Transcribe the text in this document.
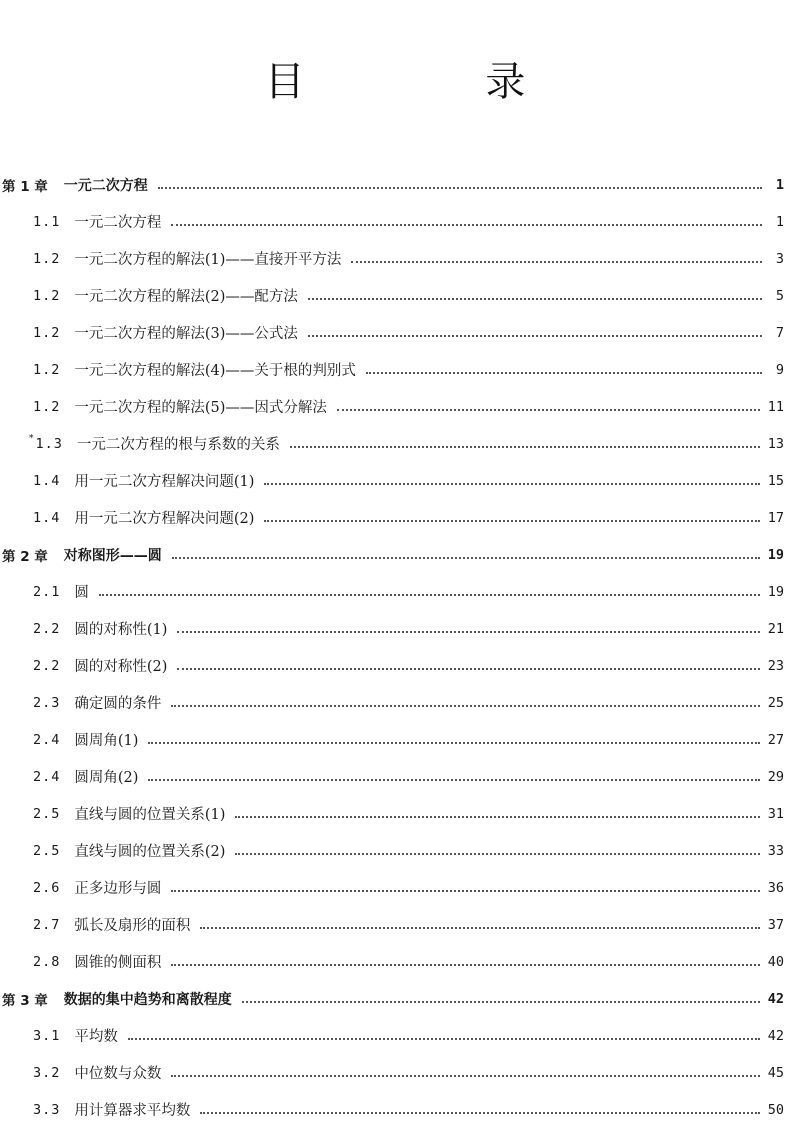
目 录
第 1 章 一元二次方程	1
1.1 一元二次方程	1
1.2 一元二次方程的解法(1)——直接开平方法	3
1.2 一元二次方程的解法(2)——配方法	5
1.2 一元二次方程的解法(3)——公式法	7
1.2 一元二次方程的解法(4)——关于根的判别式	9
1.2 一元二次方程的解法(5)——因式分解法	11
* 1.3 一元二次方程的根与系数的关系	13
1.4 用一元二次方程解决问题(1)	15
1.4 用一元二次方程解决问题(2)	17
第 2 章 对称图形——圆	19
2.1 圆	19
2.2 圆的对称性(1)	21
2.2 圆的对称性(2)	23
2.3 确定圆的条件	25
2.4 圆周角(1)	27
2.4 圆周角(2)	29
2.5 直线与圆的位置关系(1)	31
2.5 直线与圆的位置关系(2)	33
2.6 正多边形与圆	36
2.7 弧长及扇形的面积	37
2.8 圆锥的侧面积	40
第 3 章 数据的集中趋势和离散程度	42
3.1 平均数	42
3.2 中位数与众数	45
3.3 用计算器求平均数	50
